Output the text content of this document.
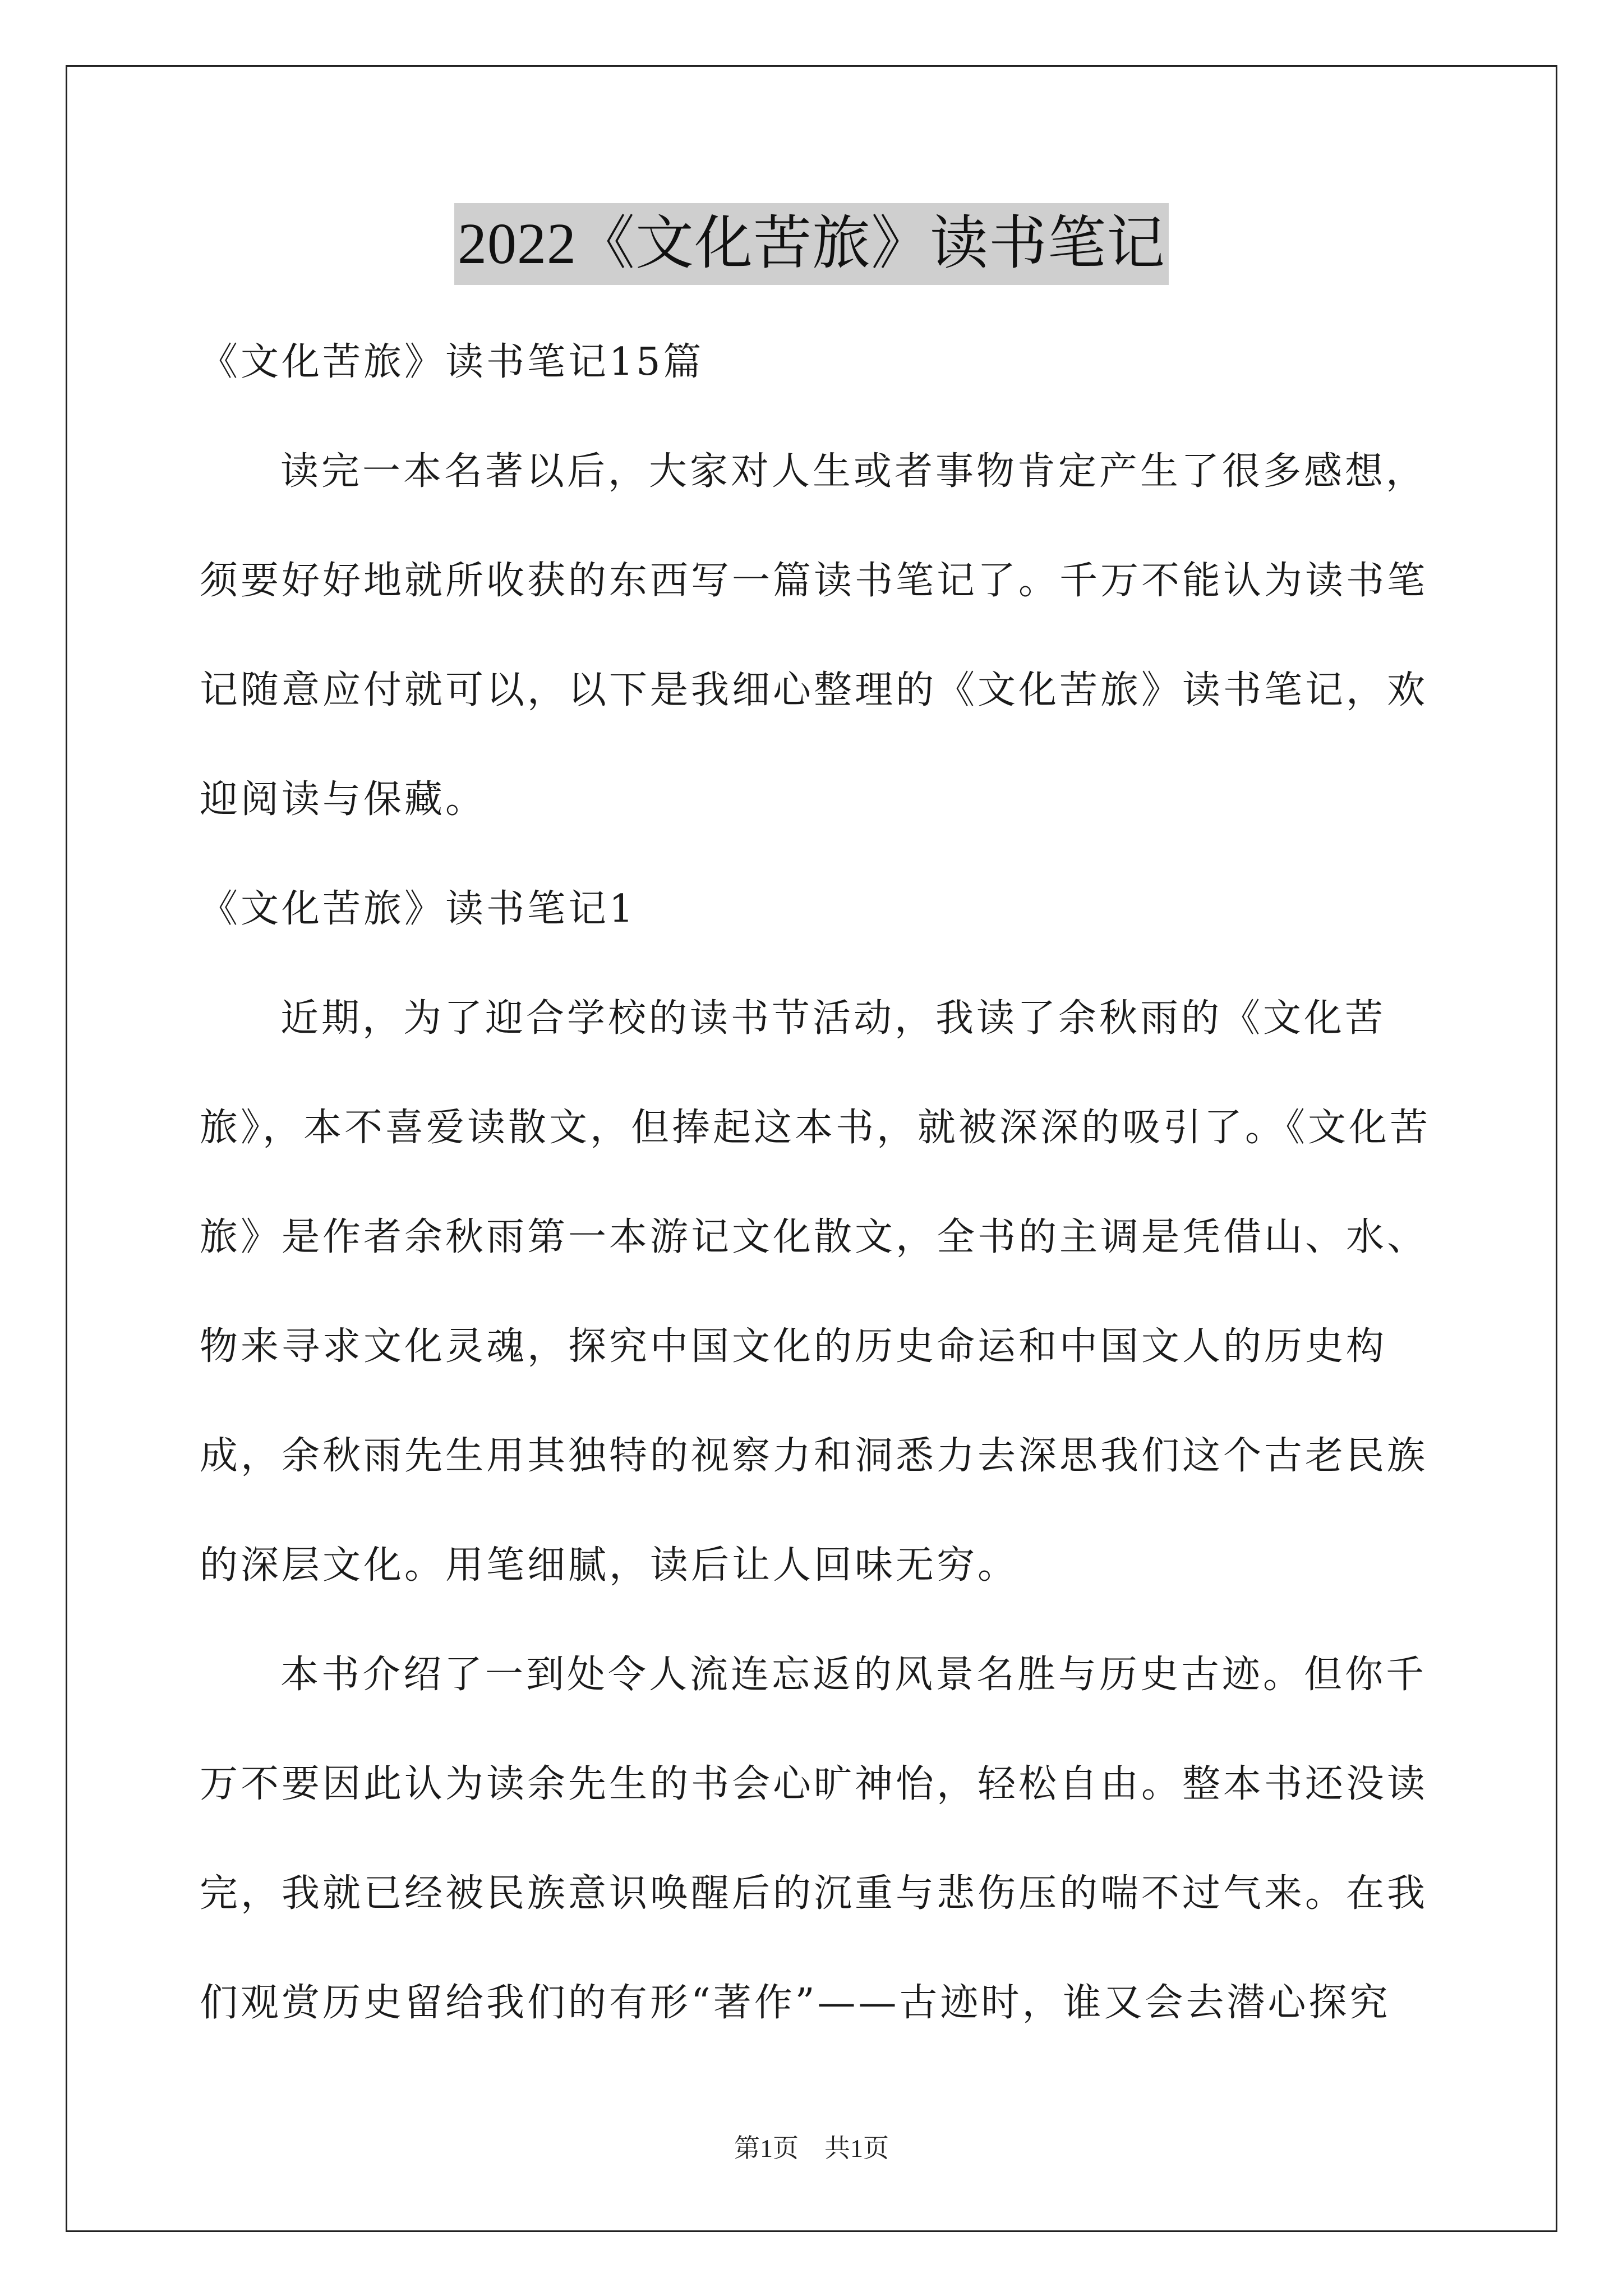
2022《文化苦旅》读书笔记

《文化苦旅》读书笔记15篇

读完一本名著以后，大家对人生或者事物肯定产生了很多感想，须要好好地就所收获的东西写一篇读书笔记了。千万不能认为读书笔记随意应付就可以，以下是我细心整理的《文化苦旅》读书笔记，欢迎阅读与保藏。

《文化苦旅》读书笔记1

近期，为了迎合学校的读书节活动，我读了余秋雨的《文化苦旅》，本不喜爱读散文，但捧起这本书，就被深深的吸引了。《文化苦旅》是作者余秋雨第一本游记文化散文，全书的主调是凭借山、水、物来寻求文化灵魂，探究中国文化的历史命运和中国文人的历史构成，余秋雨先生用其独特的视察力和洞悉力去深思我们这个古老民族的深层文化。用笔细腻，读后让人回味无穷。

本书介绍了一到处令人流连忘返的风景名胜与历史古迹。但你千万不要因此认为读余先生的书会心旷神怡，轻松自由。整本书还没读完，我就已经被民族意识唤醒后的沉重与悲伤压的喘不过气来。在我们观赏历史留给我们的有形“著作”——古迹时，谁又会去潜心探究

第1页　共1页
